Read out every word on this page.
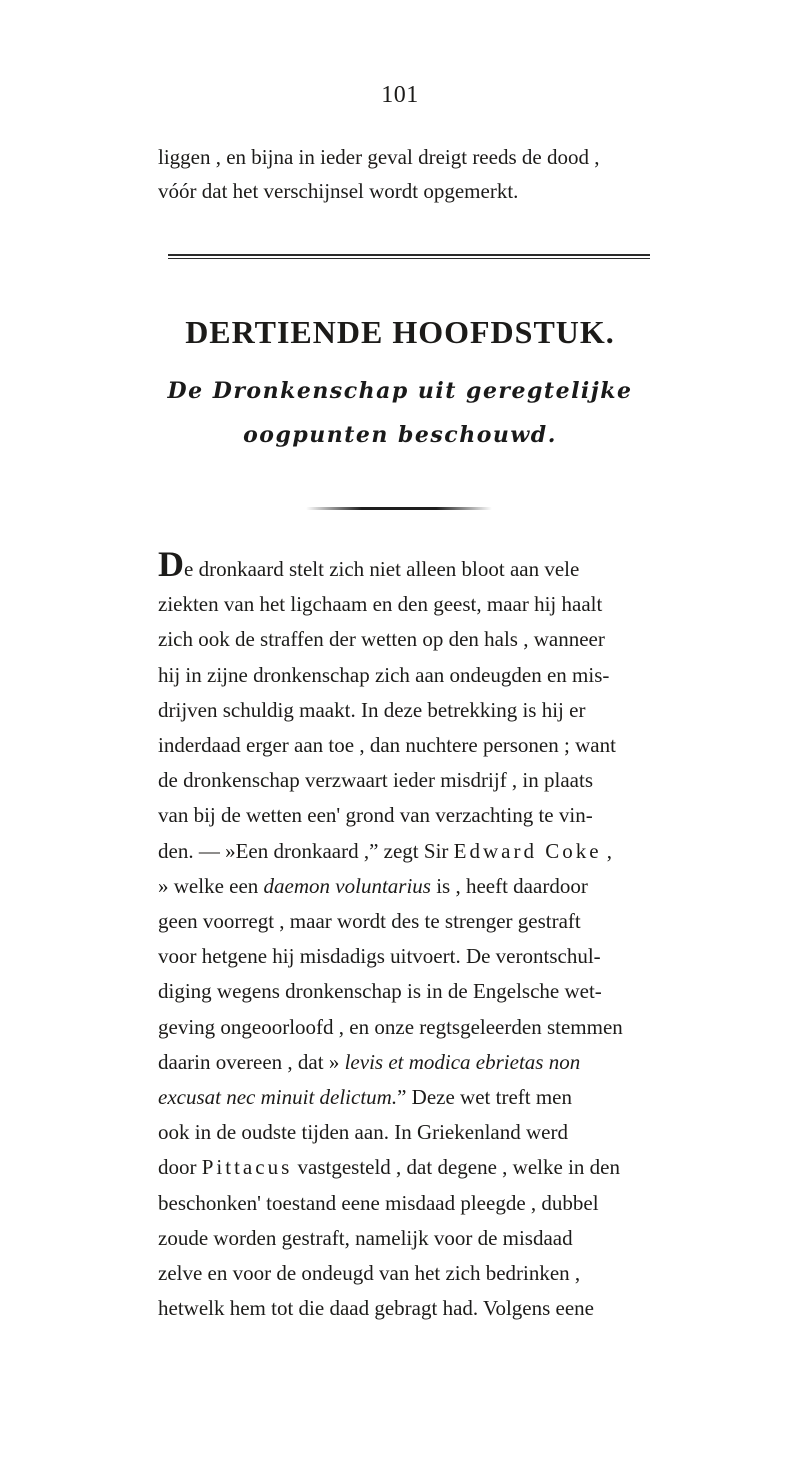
101
liggen , en bijna in ieder geval dreigt reeds de dood ,
vóór dat het verschijnsel wordt opgemerkt.
DERTIENDE HOOFDSTUK.
De Dronkenschap uit geregtelijke
oogpunten beschouwd.
De dronkaard stelt zich niet alleen bloot aan vele
ziekten van het ligchaam en den geest, maar hij haalt
zich ook de straffen der wetten op den hals , wanneer
hij in zijne dronkenschap zich aan ondeugden en mis-
drijven schuldig maakt. In deze betrekking is hij er
inderdaad erger aan toe , dan nuchtere personen ; want
de dronkenschap verzwaart ieder misdrijf , in plaats
van bij de wetten een' grond van verzachting te vin-
den. — »Een dronkaard ,” zegt Sir Edward Coke ,
» welke een daemon voluntarius is , heeft daardoor
geen voorregt , maar wordt des te strenger gestraft
voor hetgene hij misdadigs uitvoert. De verontschul-
diging wegens dronkenschap is in de Engelsche wet-
geving ongeoorloofd , en onze regtsgeleerden stemmen
daarin overeen , dat » levis et modica ebrietas non
excusat nec minuit delictum.” Deze wet treft men
ook in de oudste tijden aan. In Griekenland werd
door Pittacus vastgesteld , dat degene , welke in den
beschonken' toestand eene misdaad pleegde , dubbel
zoude worden gestraft, namelijk voor de misdaad
zelve en voor de ondeugd van het zich bedrinken ,
hetwelk hem tot die daad gebragt had. Volgens eene
